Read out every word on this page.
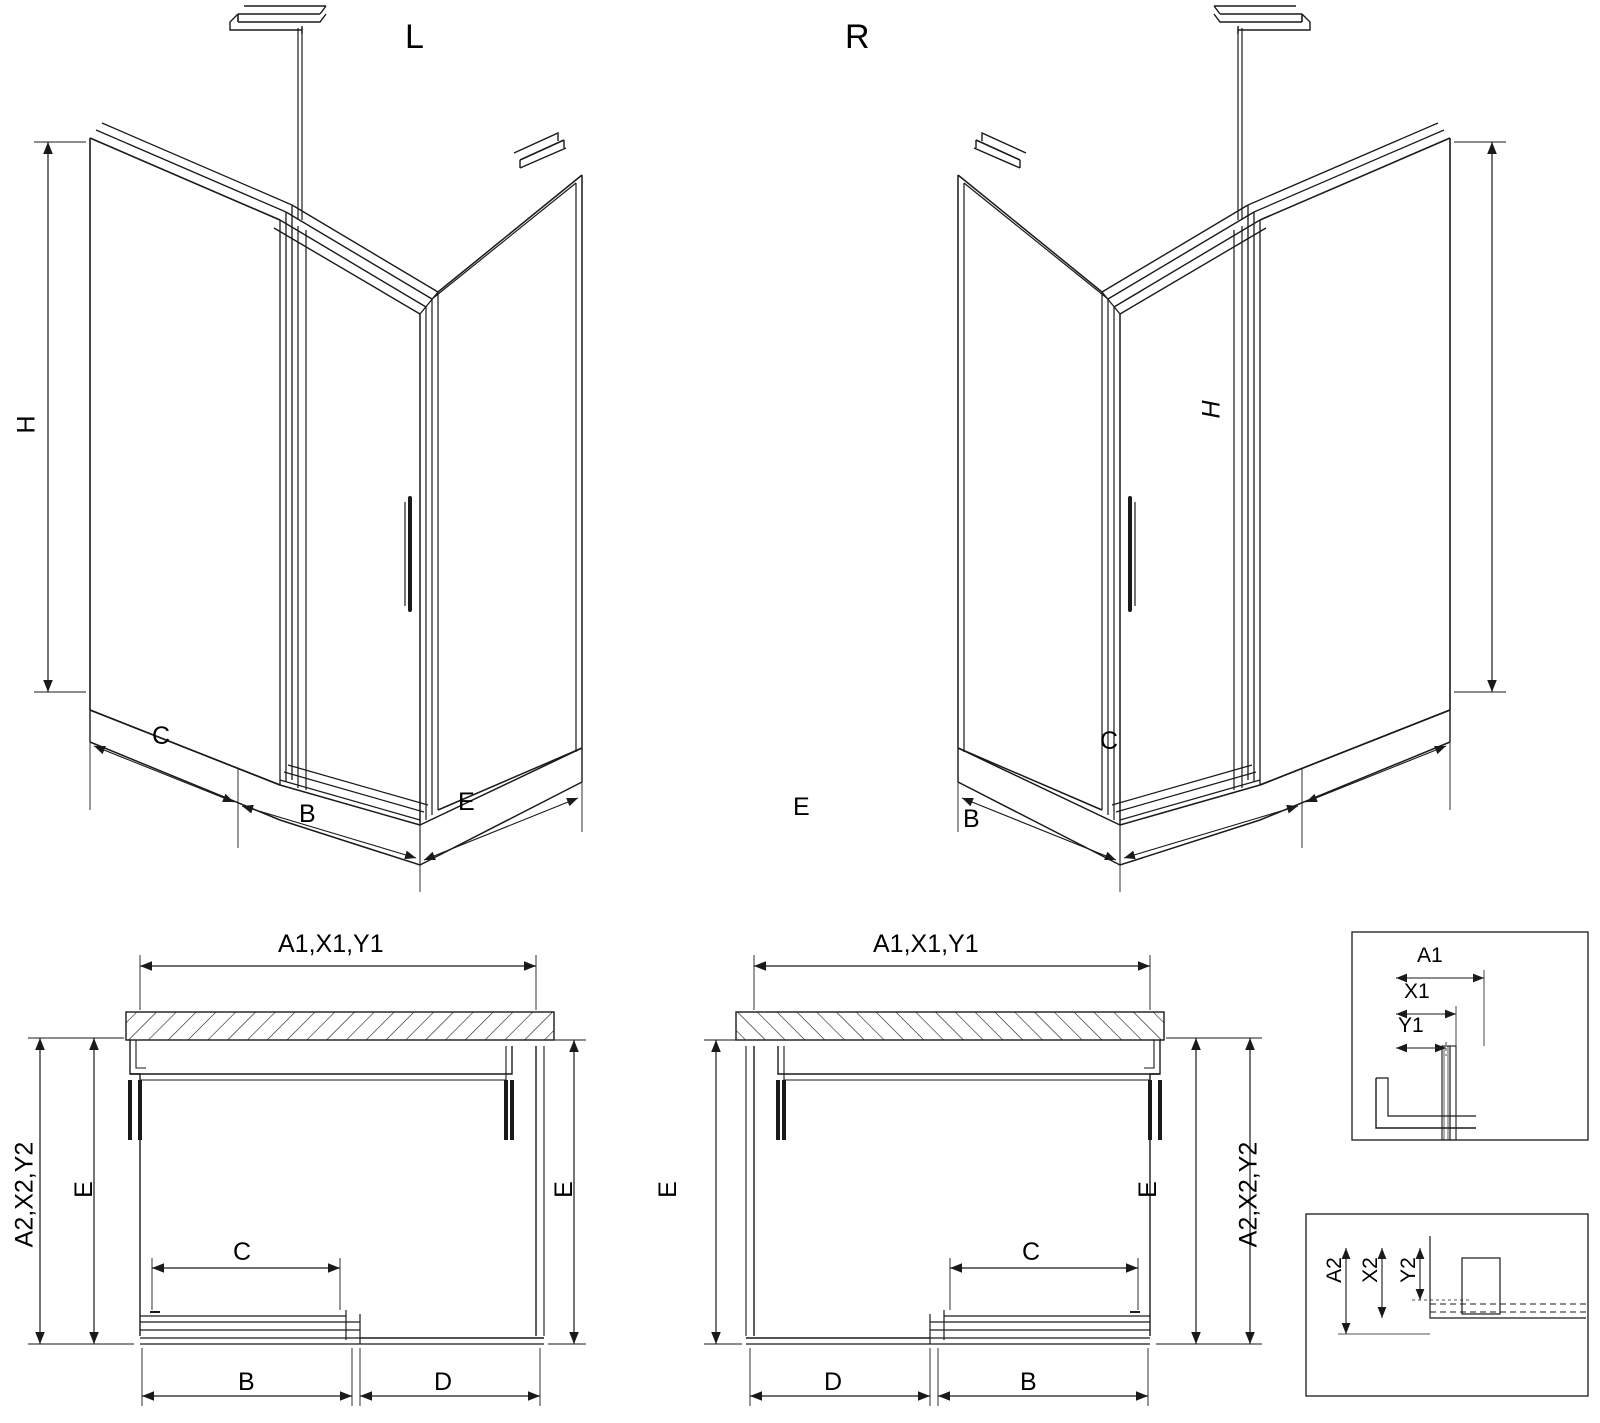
L	R
H
H
C
B	E
C
B
E
A1,X1,Y1	A1,X1,Y1
A2,X2,Y2	A2,X2,Y2
E	E	E	E
C	C
B	D	B
D
A1
X1
Y1
A2 X2 Y2
